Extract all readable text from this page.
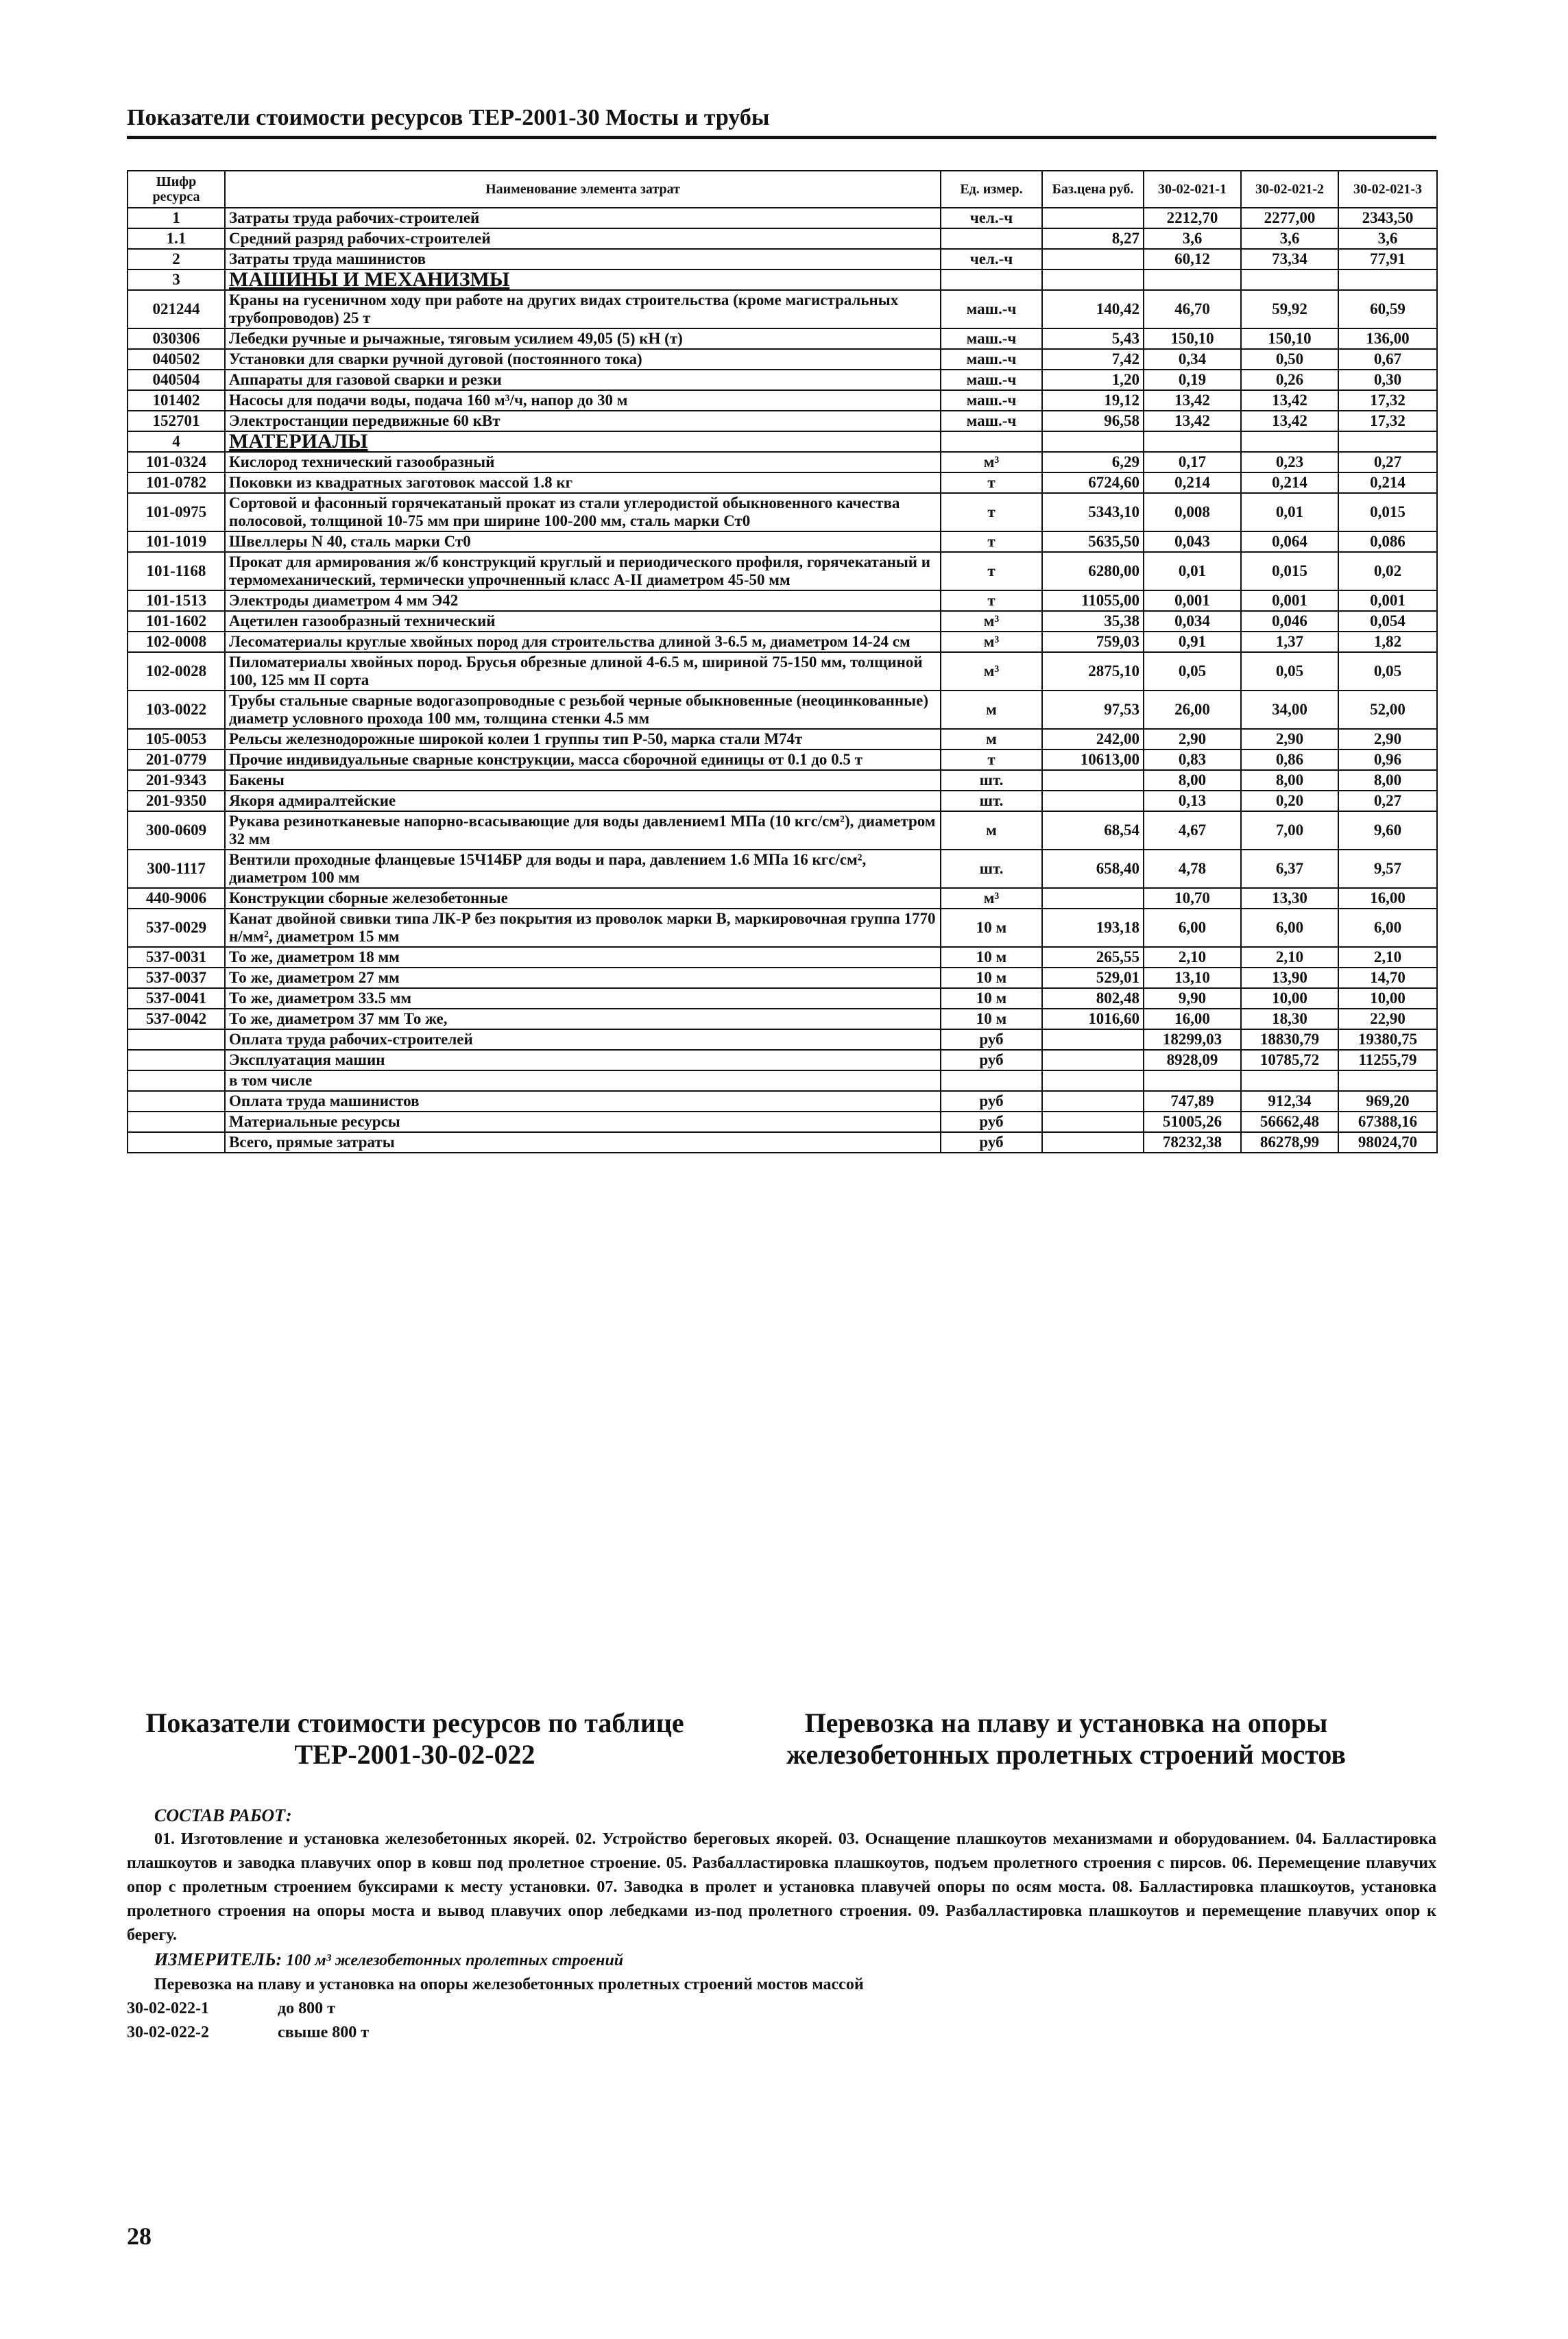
Показатели стоимости ресурсов ТЕР-2001-30 Мосты и трубы
Шифр ресурса	Наименование элемента затрат	Ед. измер.	Баз.цена руб.	30-02-021-1	30-02-021-2	30-02-021-3
1	Затраты труда рабочих-строителей	чел.-ч		2212,70	2277,00	2343,50
1.1	Средний разряд рабочих-строителей		8,27	3,6	3,6	3,6
2	Затраты труда машинистов	чел.-ч		60,12	73,34	77,91
3	МАШИНЫ И МЕХАНИЗМЫ					
021244	Краны на гусеничном ходу при работе на других видах строительства (кроме магистральных трубопроводов) 25 т	маш.-ч	140,42	46,70	59,92	60,59
030306	Лебедки ручные и рычажные, тяговым усилием 49,05 (5) кН (т)	маш.-ч	5,43	150,10	150,10	136,00
040502	Установки для сварки ручной дуговой (постоянного тока)	маш.-ч	7,42	0,34	0,50	0,67
040504	Аппараты для газовой сварки и резки	маш.-ч	1,20	0,19	0,26	0,30
101402	Насосы для подачи воды, подача 160 м³/ч, напор до 30 м	маш.-ч	19,12	13,42	13,42	17,32
152701	Электростанции передвижные 60 кВт	маш.-ч	96,58	13,42	13,42	17,32
4	МАТЕРИАЛЫ					
101-0324	Кислород технический газообразный	м³	6,29	0,17	0,23	0,27
101-0782	Поковки из квадратных заготовок массой 1.8 кг	т	6724,60	0,214	0,214	0,214
101-0975	Сортовой и фасонный горячекатаный прокат из стали углеродистой обыкновенного качества полосовой, толщиной 10-75 мм при ширине 100-200 мм, сталь марки Ст0	т	5343,10	0,008	0,01	0,015
101-1019	Швеллеры N 40, сталь марки Ст0	т	5635,50	0,043	0,064	0,086
101-1168	Прокат для армирования ж/б конструкций круглый и периодического профиля, горячекатаный и термомеханический, термически упрочненный класс А-II диаметром 45-50 мм	т	6280,00	0,01	0,015	0,02
101-1513	Электроды диаметром 4 мм Э42	т	11055,00	0,001	0,001	0,001
101-1602	Ацетилен газообразный технический	м³	35,38	0,034	0,046	0,054
102-0008	Лесоматериалы круглые хвойных пород для строительства длиной 3-6.5 м, диаметром 14-24 см	м³	759,03	0,91	1,37	1,82
102-0028	Пиломатериалы хвойных пород. Брусья обрезные длиной 4-6.5 м, шириной 75-150 мм, толщиной 100, 125 мм II сорта	м³	2875,10	0,05	0,05	0,05
103-0022	Трубы стальные сварные водогазопроводные с резьбой черные обыкновенные (неоцинкованные) диаметр условного прохода 100 мм, толщина стенки 4.5 мм	м	97,53	26,00	34,00	52,00
105-0053	Рельсы железнодорожные широкой колеи 1 группы тип Р-50, марка стали М74т	м	242,00	2,90	2,90	2,90
201-0779	Прочие индивидуальные сварные конструкции, масса сборочной единицы от 0.1 до 0.5 т	т	10613,00	0,83	0,86	0,96
201-9343	Бакены	шт.		8,00	8,00	8,00
201-9350	Якоря адмиралтейские	шт.		0,13	0,20	0,27
300-0609	Рукава резинотканевые напорно-всасывающие для воды давлением1 МПа (10 кгс/см²), диаметром 32 мм	м	68,54	4,67	7,00	9,60
300-1117	Вентили проходные фланцевые 15Ч14БР для воды и пара, давлением 1.6 МПа 16 кгс/см², диаметром 100 мм	шт.	658,40	4,78	6,37	9,57
440-9006	Конструкции сборные железобетонные	м³		10,70	13,30	16,00
537-0029	Канат двойной свивки типа ЛК-Р без покрытия из проволок марки В, маркировочная группа 1770 н/мм², диаметром 15 мм	10 м	193,18	6,00	6,00	6,00
537-0031	То же, диаметром 18 мм	10 м	265,55	2,10	2,10	2,10
537-0037	То же, диаметром 27 мм	10 м	529,01	13,10	13,90	14,70
537-0041	То же, диаметром 33.5 мм	10 м	802,48	9,90	10,00	10,00
537-0042	То же, диаметром 37 мм То же,	10 м	1016,60	16,00	18,30	22,90
	Оплата труда рабочих-строителей	руб		18299,03	18830,79	19380,75
	Эксплуатация машин	руб		8928,09	10785,72	11255,79
	в том числе					
	Оплата труда машинистов	руб		747,89	912,34	969,20
	Материальные ресурсы	руб		51005,26	56662,48	67388,16
	Всего, прямые затраты	руб		78232,38	86278,99	98024,70
Показатели стоимости ресурсов по таблице ТЕР-2001-30-02-022
Перевозка на плаву и установка на опоры железобетонных пролетных строений мостов
СОСТАВ РАБОТ:
01. Изготовление и установка железобетонных якорей. 02. Устройство береговых якорей. 03. Оснащение плашкоутов механизмами и оборудованием. 04. Балластировка плашкоутов и заводка плавучих опор в ковш под пролетное строение. 05. Разбалластировка плашкоутов, подъем пролетного строения с пирсов. 06. Перемещение плавучих опор с пролетным строением буксирами к месту установки. 07. Заводка в пролет и установка плавучей опоры по осям моста. 08. Балластировка плашкоутов, установка пролетного строения на опоры моста и вывод плавучих опор лебедками из-под пролетного строения. 09. Разбалластировка плашкоутов и перемещение плавучих опор к берегу.
ИЗМЕРИТЕЛЬ: 100 м³ железобетонных пролетных строений
Перевозка на плаву и установка на опоры железобетонных пролетных строений мостов массой
30-02-022-1	до 800 т
30-02-022-2	свыше 800 т
28
